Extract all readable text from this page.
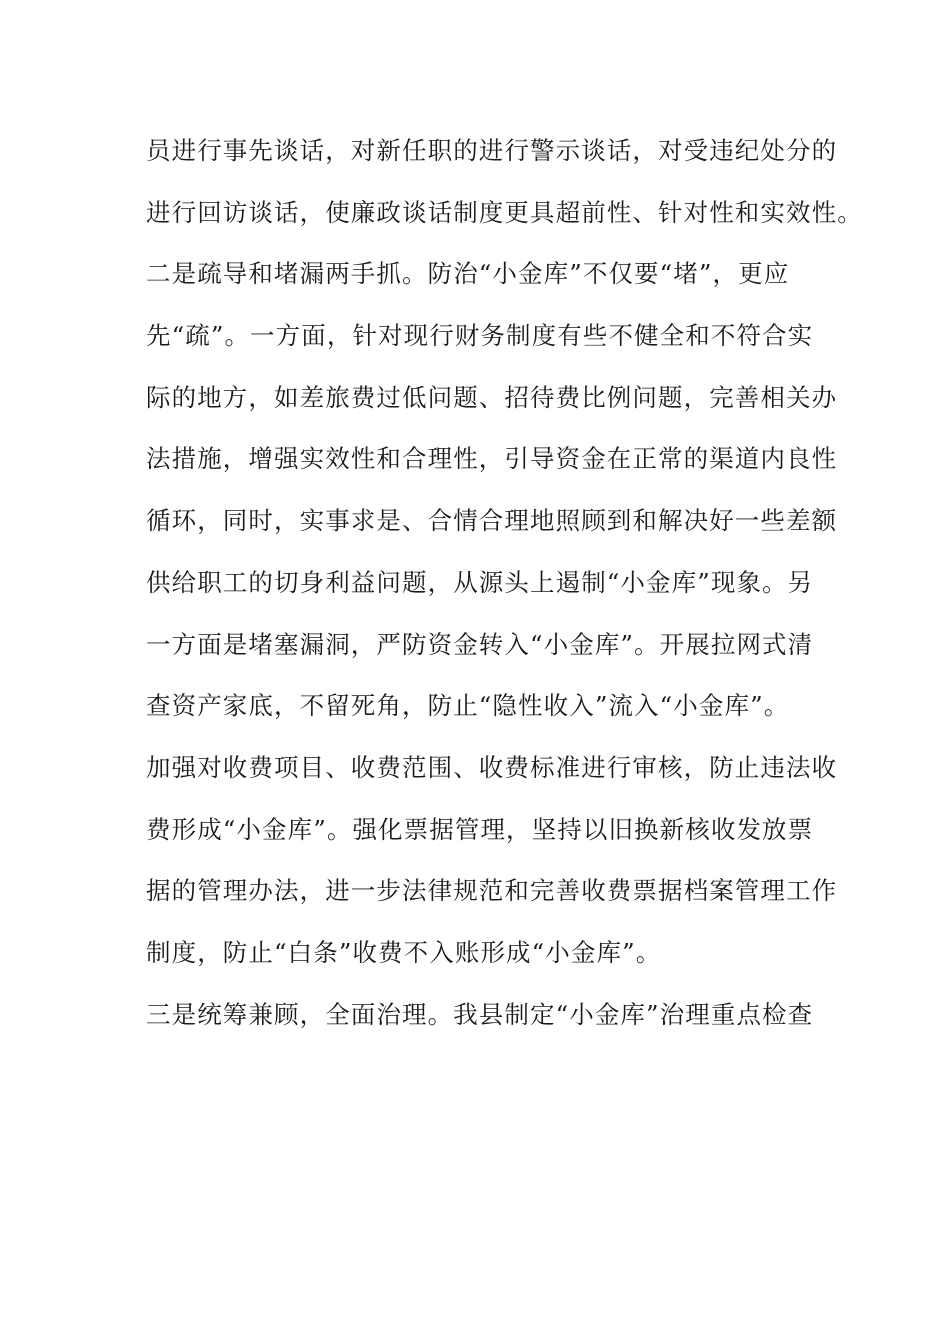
员进行事先谈话，对新任职的进行警示谈话，对受违纪处分的
进行回访谈话，使廉政谈话制度更具超前性、针对性和实效性。
二是疏导和堵漏两手抓。防治“小金库”不仅要“堵”，更应
先“疏”。一方面，针对现行财务制度有些不健全和不符合实
际的地方，如差旅费过低问题、招待费比例问题，完善相关办
法措施，增强实效性和合理性，引导资金在正常的渠道内良性
循环，同时，实事求是、合情合理地照顾到和解决好一些差额
供给职工的切身利益问题，从源头上遏制“小金库”现象。另
一方面是堵塞漏洞，严防资金转入“小金库”。开展拉网式清
查资产家底，不留死角，防止“隐性收入”流入“小金库”。
加强对收费项目、收费范围、收费标准进行审核，防止违法收
费形成“小金库”。强化票据管理，坚持以旧换新核收发放票
据的管理办法，进一步法律规范和完善收费票据档案管理工作
制度，防止“白条”收费不入账形成“小金库”。
三是统筹兼顾，全面治理。我县制定“小金库”治理重点检查
